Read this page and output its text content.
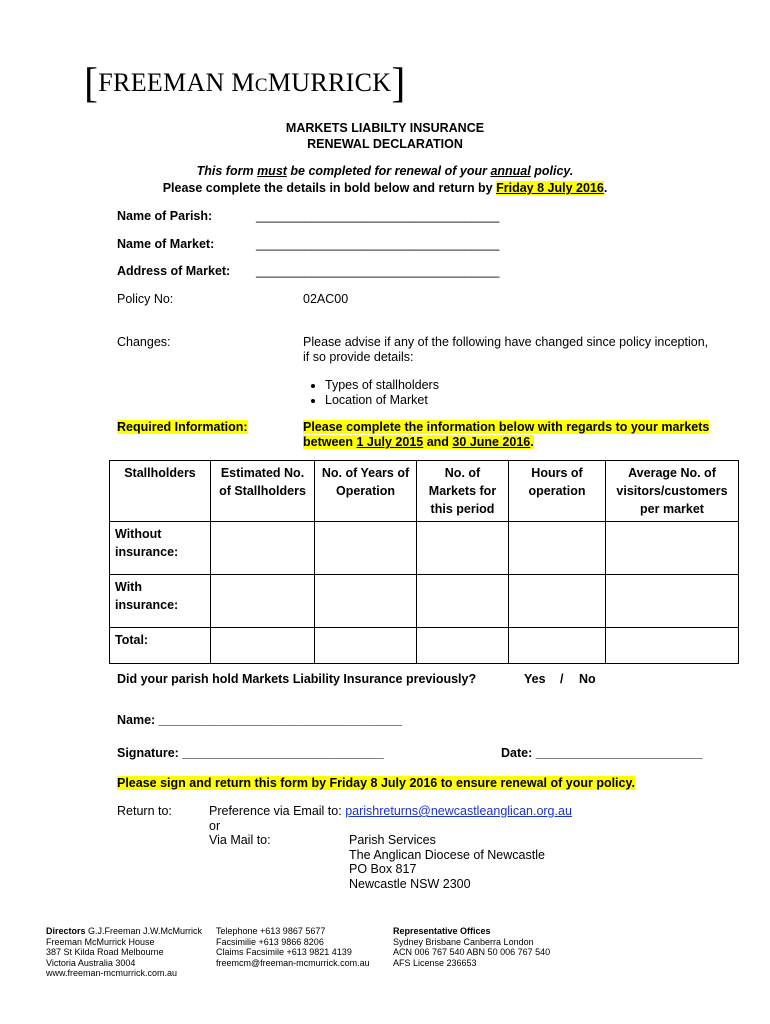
[FREEMAN MCMURRICK]
MARKETS LIABILTY INSURANCE
RENEWAL DECLARATION
This form must be completed for renewal of your annual policy.
Please complete the details in bold below and return by Friday 8 July 2016.
Name of Parish:	___________________________________
Name of Market:	___________________________________
Address of Market: ___________________________________
Policy No:	02AC00
Changes:	Please advise if any of the following have changed since policy inception,
if so provide details:
• Types of stallholders
• Location of Market
Required Information:	Please complete the information below with regards to your markets
between 1 July 2015 and 30 June 2016.
Stallholders	Estimated No. of Stallholders	No. of Years of Operation	No. of Markets for this period	Hours of operation	Average No. of visitors/customers per market
Without insurance:					
With insurance:					
Total:					
Did your parish hold Markets Liability Insurance previously?	Yes / No
Name: ___________________________________
Signature: _____________________________	Date: ________________________
Please sign and return this form by Friday 8 July 2016 to ensure renewal of your policy.
Return to:	Preference via Email to: parishreturns@newcastleanglican.org.au
or
Via Mail to:	Parish Services
The Anglican Diocese of Newcastle
PO Box 817
Newcastle NSW 2300
Directors G.J.Freeman J.W.McMurrick
Freeman McMurrick House
387 St Kilda Road Melbourne
Victoria Australia 3004
www.freeman-mcmurrick.com.au
Telephone +613 9867 5677
Facsimilie +613 9866 8206
Claims Facsimile +613 9821 4139
freemcm@freeman-mcmurrick.com.au
Representative Offices
Sydney Brisbane Canberra London
ACN 006 767 540 ABN 50 006 767 540
AFS License 236653
